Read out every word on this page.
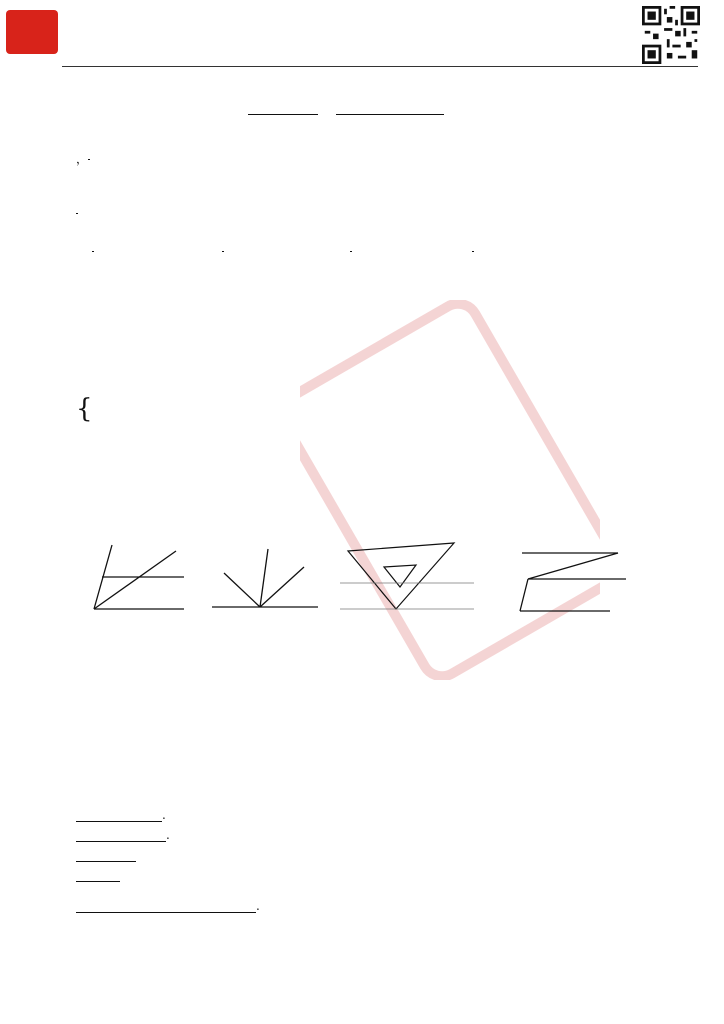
，
{

.
.
.
